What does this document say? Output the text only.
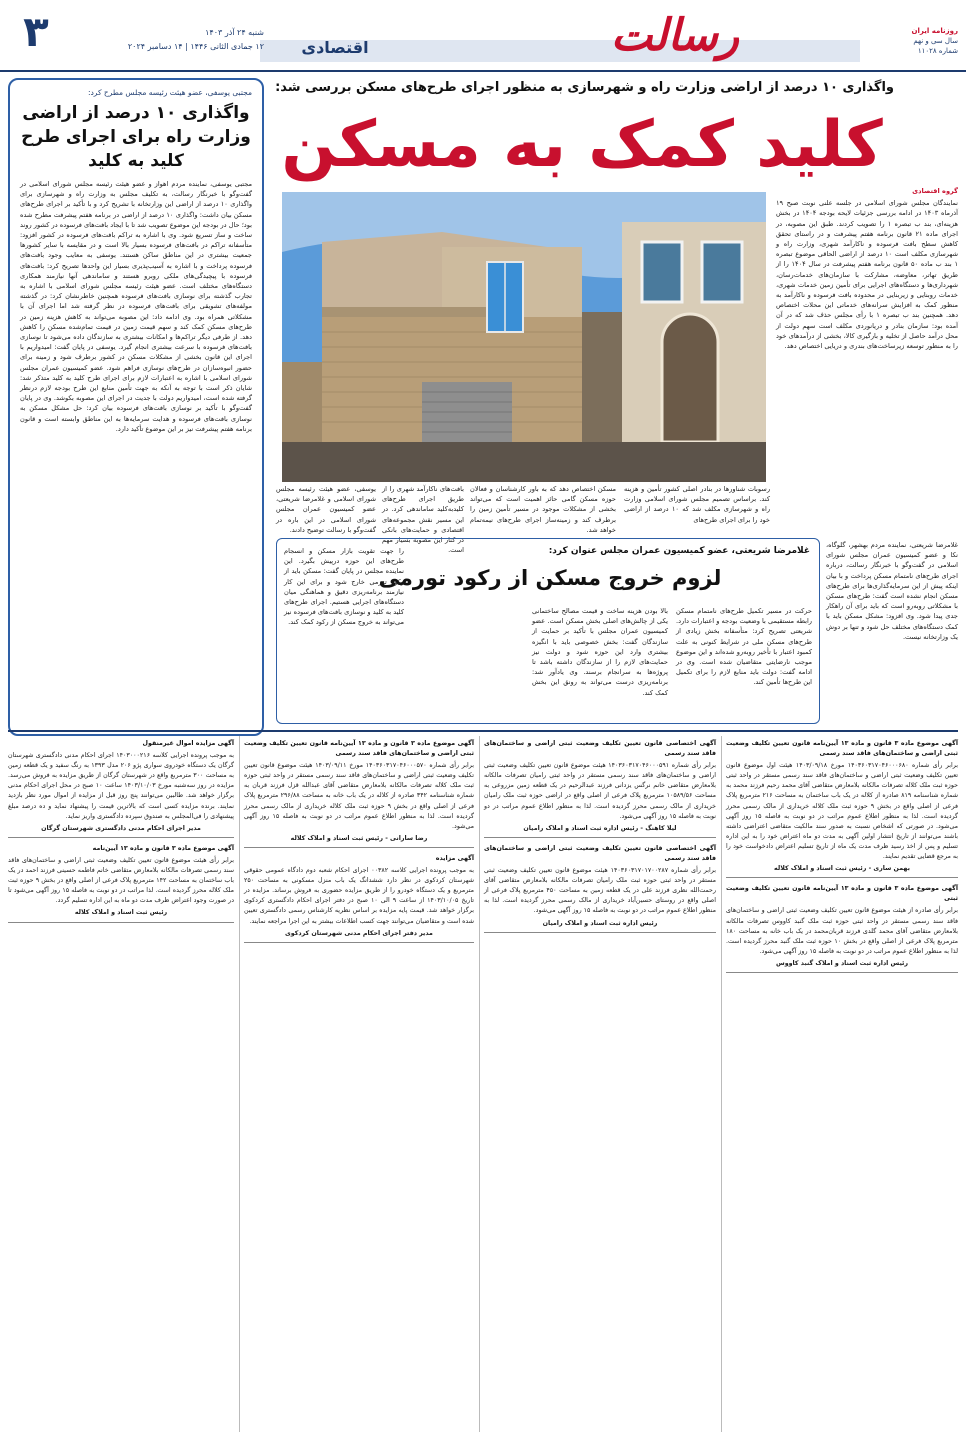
اقتصادی	رسالت
۳	شنبه ۲۴ آذر ۱۴۰۳
۱۲ جمادی الثانی ۱۴۴۶ | ۱۴ دسامبر ۲۰۲۴
روزنامه ایران
سال سی و نهم
شماره ۱۱۰۲۸
واگذاری ۱۰ درصد از اراضی وزارت راه و شهرسازی به منظور اجرای طرح‌های مسکن بررسی شد:
کلید کمک به مسکن

گروه اقتصادی

نمایندگان مجلس شورای اسلامی در جلسه علنی نوبت صبح ۱۹ آذرماه ۱۴۰۳ در ادامه بررسی جزئیات لایحه بودجه ۱۴۰۴ در بخش هزینه‌ای، بند ب تبصره ۱ را تصویب کردند. طبق این مصوبه، در اجرای ماده ۲۱ قانون برنامه هفتم پیشرفت و در راستای تحقق کاهش سطح بافت فرسوده و ناکارآمد شهری، وزارت راه و شهرسازی مکلف است ۱۰ درصد از اراضی الحاقی موضوع تبصره ۱ بند ب ماده ۵۰ قانون برنامه هفتم پیشرفت در سال ۱۴۰۴ را از طریق تهاتر، معاوضه، مشارکت با سازمان‌های خدمات‌رسان، شهرداری‌ها و دستگاه‌های اجرایی برای تأمین زمین خدمات شهری، خدمات روبنایی و زیربنایی در محدوده بافت فرسوده و ناکارآمد به منظور کمک به افزایش سرانه‌های خدماتی این محلات اختصاص دهد. همچنین بند ب تبصره ۱ با رأی مجلس حذف شد که در آن آمده بود: سازمان بنادر و دریانوردی مکلف است سهم دولت از محل درآمد حاصل از تخلیه و بارگیری کالا، بخشی از درآمدهای خود را به منظور توسعه زیرساخت‌های بندری و دریایی اختصاص دهد.

رسوبات شناورها در بنادر اصلی کشور تأمین و هزینه کند. براساس تصمیم مجلس شورای اسلامی وزارت راه و شهرسازی مکلف شد که ۱۰ درصد از اراضی خود را برای اجرای طرح‌های
مسکن اختصاص دهد که به باور کارشناسان و فعالان حوزه مسکن گامی حائز اهمیت است که می‌تواند بخشی از مشکلات موجود در مسیر تأمین زمین را برطرف کند و زمینه‌ساز اجرای طرح‌های نیمه‌تمام خواهد شد.
بافت‌های ناکارآمد شهری را از طریق اجرای طرح‌های کلید‌به‌کلید ساماندهی کرد. در این مسیر نقش مجموعه‌های اقتصادی و حمایت‌های بانکی در کنار این مصوبه بسیار مهم است.
یوسفی، عضو هیئت رئیسه مجلس شورای اسلامی و غلامرضا شریعتی، عضو کمیسیون عمران مجلس شورای اسلامی در این باره در گفت‌وگو با رسالت توضیح دادند.
غلامرضا شریعتی، نماینده مردم بهشهر، گلوگاه، نکا و عضو کمیسیون عمران مجلس شورای اسلامی در گفت‌وگو با خبرنگار رسالت، درباره اجرای طرح‌های نامتمام مسکن پرداخت و با بیان اینکه پیش از این سرمایه‌گذاری‌ها برای طرح‌های مسکن انجام نشده است گفت: طرح‌های مسکن با مشکلاتی روبه‌رو است که باید برای آن راهکار جدی پیدا شود. وی افزود: مشکل مسکن باید با کمک دستگاه‌های مختلف حل شود و تنها بر دوش یک وزارتخانه نیست.
غلامرضا شریعتی، عضو کمیسیون عمران مجلس عنوان کرد:
لزوم خروج مسکن از رکود تورمی
حرکت در مسیر تکمیل طرح‌های نامتمام مسکن رابطه مستقیمی با وضعیت بودجه و اعتبارات دارد. شریعتی تصریح کرد: متأسفانه بخش زیادی از طرح‌های مسکن ملی در شرایط کنونی به علت کمبود اعتبار با تأخیر روبه‌رو شده‌اند و این موضوع موجب نارضایتی متقاضیان شده است. وی در ادامه گفت: دولت باید منابع لازم را برای تکمیل این طرح‌ها تأمین کند.
بالا بودن هزینه ساخت و قیمت مصالح ساختمانی یکی از چالش‌های اصلی بخش مسکن است. عضو کمیسیون عمران مجلس با تأکید بر حمایت از سازندگان گفت: بخش خصوصی باید با انگیزه بیشتری وارد این حوزه شود و دولت نیز حمایت‌های لازم را از سازندگان داشته باشد تا پروژه‌ها به سرانجام برسند. وی یادآور شد: برنامه‌ریزی درست می‌تواند به رونق این بخش کمک کند.
را جهت تقویت بازار مسکن و انسجام طرح‌های این حوزه درپیش بگیرد. این نماینده مجلس در پایان گفت: مسکن باید از رکود تورمی خارج شود و برای این کار نیازمند برنامه‌ریزی دقیق و هماهنگی میان دستگاه‌های اجرایی هستیم. اجرای طرح‌های کلید به کلید و نوسازی بافت‌های فرسوده نیز می‌تواند به خروج مسکن از رکود کمک کند.
مجتبی یوسفی، عضو هیئت رئیسه مجلس مطرح کرد:
واگذاری ۱۰ درصد از اراضی وزارت راه برای اجرای طرح کلید به کلید
مجتبی یوسفی، نماینده مردم اهواز و عضو هیئت رئیسه مجلس شورای اسلامی در گفت‌وگو با خبرنگار رسالت، به تکلیف مجلس به وزارت راه و شهرسازی برای واگذاری ۱۰ درصد از اراضی این وزارتخانه با تشریح کرد و با تأکید بر اجرای طرح‌های مسکن بیان داشت: واگذاری ۱۰ درصد از اراضی در برنامه هفتم پیشرفت مطرح شده بود؛ حال در بودجه این موضوع تصویب شد تا با ایجاد بافت‌های فرسوده در کشور روند ساخت و ساز تسریع شود. وی با اشاره به تراکم بافت‌های فرسوده در کشور افزود: متأسفانه تراکم در بافت‌های فرسوده بسیار بالا است و در مقایسه با سایر کشورها جمعیت بیشتری در این مناطق ساکن هستند. یوسفی به معایب وجود بافت‌های فرسوده پرداخت و با اشاره به آسیب‌پذیری بسیار این واحدها تصریح کرد: بافت‌های فرسوده با پیچیدگی‌های ملکی روبرو هستند و ساماندهی آنها نیازمند همکاری دستگاه‌های مختلف است. عضو هیئت رئیسه مجلس شورای اسلامی با اشاره به تجارب گذشته برای نوسازی بافت‌های فرسوده همچنین خاطرنشان کرد: در گذشته مولفه‌های تشویقی برای بافت‌های فرسوده در نظر گرفته شد اما اجرای آن با مشکلاتی همراه بود. وی ادامه داد: این مصوبه می‌تواند به کاهش هزینه زمین در طرح‌های مسکن کمک کند و سهم قیمت زمین در قیمت تمام‌شده مسکن را کاهش دهد. از طرفی دیگر تراکم‌ها و امکانات بیشتری به سازندگان داده می‌شود تا نوسازی بافت‌های فرسوده با سرعت بیشتری انجام گیرد. یوسفی در پایان گفت: امیدواریم با اجرای این قانون بخشی از مشکلات مسکن در کشور برطرف شود و زمینه برای حضور انبوه‌سازان در طرح‌های نوسازی فراهم شود. عضو کمیسیون عمران مجلس شورای اسلامی با اشاره به اعتبارات لازم برای اجرای طرح کلید به کلید متذکر شد: شایان ذکر است با توجه به آنکه به جهت تأمین منابع این طرح بودجه لازم درنظر گرفته شده است، امیدواریم دولت با جدیت در اجرای این مصوبه بکوشد. وی در پایان گفت‌وگو با تأکید بر نوسازی بافت‌های فرسوده بیان کرد: حل مشکل مسکن به نوسازی بافت‌های فرسوده و هدایت سرمایه‌ها به این مناطق وابسته است و قانون برنامه هفتم پیشرفت نیز بر این موضوع تأکید دارد.
آگهی موضوع ماده ۳ قانون و ماده ۱۳ آیین‌نامه قانون تعیین تکلیف وضعیت ثبتی اراضی و ساختمان‌های فاقد سند رسمی
برابر رأی شماره ۱۴۰۳۶۰۳۱۷۰۴۶۰۰۰۶۸۰ مورخ ۱۴۰۳/۰۹/۱۸ هیئت اول موضوع قانون تعیین تکلیف وضعیت ثبتی اراضی و ساختمان‌های فاقد سند رسمی مستقر در واحد ثبتی حوزه ثبت ملک کلاله تصرفات مالکانه بلامعارض متقاضی آقای محمد رحیم فرزند محمد به شماره شناسنامه ۸۱۹ صادره از کلاله در یک باب ساختمان به مساحت ۲۱۶ مترمربع پلاک فرعی از اصلی واقع در بخش ۹ حوزه ثبت ملک کلاله خریداری از مالک رسمی محرز گردیده است. لذا به منظور اطلاع عموم مراتب در دو نوبت به فاصله ۱۵ روز آگهی می‌شود. در صورتی که اشخاص نسبت به صدور سند مالکیت متقاضی اعتراضی داشته باشند می‌توانند از تاریخ انتشار اولین آگهی به مدت دو ماه اعتراض خود را به این اداره تسلیم و پس از اخذ رسید ظرف مدت یک ماه از تاریخ تسلیم اعتراض دادخواست خود را به مرجع قضایی تقدیم نمایند.
بهمن ساری - رئیس ثبت اسناد و املاک کلاله
آگهی موضوع ماده ۳ قانون و ماده ۱۳ آیین‌نامه قانون تعیین تکلیف وضعیت ثبتی
برابر رأی صادره از هیئت موضوع قانون تعیین تکلیف وضعیت ثبتی اراضی و ساختمان‌های فاقد سند رسمی مستقر در واحد ثبتی حوزه ثبت ملک گنبد کاووس تصرفات مالکانه بلامعارض متقاضی آقای محمد گلدی فرزند قربان‌محمد در یک باب خانه به مساحت ۱۸۰ مترمربع پلاک فرعی از اصلی واقع در بخش ۱۰ حوزه ثبت ملک گنبد محرز گردیده است. لذا به منظور اطلاع عموم مراتب در دو نوبت به فاصله ۱۵ روز آگهی می‌شود.
رئیس اداره ثبت اسناد و املاک گنبد کاووس
آگهی اختصاصی قانون تعیین تکلیف وضعیت ثبتی اراضی و ساختمان‌های فاقد سند رسمی
برابر رأی شماره ۱۴۰۳۶۰۳۱۷۰۴۶۰۰۰۵۹۱ هیئت موضوع قانون تعیین تکلیف وضعیت ثبتی اراضی و ساختمان‌های فاقد سند رسمی مستقر در واحد ثبتی رامیان تصرفات مالکانه بلامعارض متقاضی خانم نرگس یزدانی فرزند عبدالرحیم در یک قطعه زمین مزروعی به مساحت ۱۰۵۸۹/۵۶ مترمربع پلاک فرعی از اصلی واقع در اراضی حوزه ثبت ملک رامیان خریداری از مالک رسمی محرز گردیده است. لذا به منظور اطلاع عموم مراتب در دو نوبت به فاصله ۱۵ روز آگهی می‌شود.
لیلا کاهنگ - رئیس اداره ثبت اسناد و املاک رامیان
آگهی اختصاصی قانون تعیین تکلیف وضعیت ثبتی اراضی و ساختمان‌های فاقد سند رسمی
برابر رأی شماره ۱۴۰۳۶۰۳۱۷۰۱۷۰۰۲۸۷ هیئت موضوع قانون تعیین تکلیف وضعیت ثبتی مستقر در واحد ثبتی حوزه ثبت ملک رامیان تصرفات مالکانه بلامعارض متقاضی آقای رحمت‌الله نظری فرزند علی در یک قطعه زمین به مساحت ۴۵۰ مترمربع پلاک فرعی از اصلی واقع در روستای حسین‌آباد خریداری از مالک رسمی محرز گردیده است. لذا به منظور اطلاع عموم مراتب در دو نوبت به فاصله ۱۵ روز آگهی می‌شود.
رئیس اداره ثبت اسناد و املاک رامیان
آگهی موضوع ماده ۳ قانون و ماده ۱۳ آیین‌نامه قانون تعیین تکلیف وضعیت ثبتی اراضی و ساختمان‌های فاقد سند رسمی
برابر رأی شماره ۱۴۰۳۶۰۳۱۷۰۴۶۰۰۰۵۷۰ مورخ ۱۴۰۳/۰۹/۱۱ هیئت موضوع قانون تعیین تکلیف وضعیت ثبتی اراضی و ساختمان‌های فاقد سند رسمی مستقر در واحد ثبتی حوزه ثبت ملک کلاله تصرفات مالکانه بلامعارض متقاضی آقای عبدالله قزل فرزند قربان به شماره شناسنامه ۳۴۲ صادره از کلاله در یک باب خانه به مساحت ۲۹۶/۸۸ مترمربع پلاک فرعی از اصلی واقع در بخش ۹ حوزه ثبت ملک کلاله خریداری از مالک رسمی محرز گردیده است. لذا به منظور اطلاع عموم مراتب در دو نوبت به فاصله ۱۵ روز آگهی می‌شود.
رضا سارانی - رئیس ثبت اسناد و املاک کلاله
آگهی مزایده
به موجب پرونده اجرایی کلاسه ۰۰۳۸۲ اجرای احکام شعبه دوم دادگاه عمومی حقوقی شهرستان کردکوی در نظر دارد ششدانگ یک باب منزل مسکونی به مساحت ۲۵۰ مترمربع و یک دستگاه خودرو را از طریق مزایده حضوری به فروش برساند. مزایده در تاریخ ۱۴۰۳/۱۰/۰۵ از ساعت ۹ الی ۱۰ صبح در دفتر اجرای احکام دادگستری کردکوی برگزار خواهد شد. قیمت پایه مزایده بر اساس نظریه کارشناس رسمی دادگستری تعیین شده است و متقاضیان می‌توانند جهت کسب اطلاعات بیشتر به این اجرا مراجعه نمایند.
مدیر دفتر اجرای احکام مدنی شهرستان کردکوی
آگهی مزایده اموال غیرمنقول
به موجب پرونده اجرایی کلاسه ۱۴۰۳۰۰۰۲۱۶ اجرای احکام مدنی دادگستری شهرستان گرگان یک دستگاه خودروی سواری پژو ۲۰۶ مدل ۱۳۹۳ به رنگ سفید و یک قطعه زمین به مساحت ۳۰۰ مترمربع واقع در شهرستان گرگان از طریق مزایده به فروش می‌رسد. مزایده در روز سه‌شنبه مورخ ۱۴۰۳/۱۰/۰۳ ساعت ۱۰ صبح در محل اجرای احکام مدنی برگزار خواهد شد. طالبین می‌توانند پنج روز قبل از مزایده از اموال مورد نظر بازدید نمایند. برنده مزایده کسی است که بالاترین قیمت را پیشنهاد نماید و ده درصد مبلغ پیشنهادی را فی‌المجلس به صندوق سپرده دادگستری واریز نماید.
مدیر اجرای احکام مدنی دادگستری شهرستان گرگان
آگهی موضوع ماده ۳ قانون و ماده ۱۳ آیین‌نامه
برابر رأی هیئت موضوع قانون تعیین تکلیف وضعیت ثبتی اراضی و ساختمان‌های فاقد سند رسمی تصرفات مالکانه بلامعارض متقاضی خانم فاطمه حسینی فرزند احمد در یک باب ساختمان به مساحت ۱۴۲ مترمربع پلاک فرعی از اصلی واقع در بخش ۹ حوزه ثبت ملک کلاله محرز گردیده است. لذا مراتب در دو نوبت به فاصله ۱۵ روز آگهی می‌شود تا در صورت وجود اعتراض ظرف مدت دو ماه به این اداره تسلیم گردد.
رئیس ثبت اسناد و املاک کلاله
